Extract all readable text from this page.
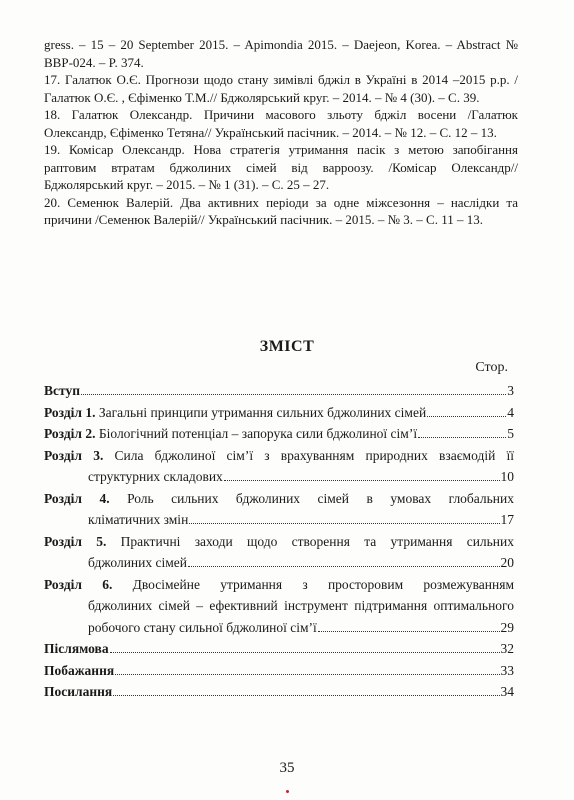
gress. – 15 – 20 September 2015. – Apimondia 2015. – Daejeon, Korea. – Abstract № BBP-024. – P. 374.

17. Галатюк О.Є. Прогнози щодо стану зимівлі бджіл в Україні в 2014 –2015 р.р. /Галатюк О.Є. , Єфіменко Т.М.// Бджолярський круг. – 2014. – № 4 (30). – С. 39.

18. Галатюк Олександр. Причини масового зльоту бджіл восени /Галатюк Олександр, Єфіменко Тетяна// Український пасічник. – 2014. – № 12. – С. 12 – 13.

19. Комісар Олександр. Нова стратегія утримання пасік з метою запобігання раптовим втратам бджолиних сімей від варроозу. /Комісар Олександр// Бджолярський круг. – 2015. – № 1 (31). – С. 25 – 27.

20. Семенюк Валерій. Два активних періоди за одне міжсезоння – наслідки та причини /Семенюк Валерій// Український пасічник. – 2015. – № 3. – С. 11 – 13.

ЗМІСТ
Стор.
Вступ	3
Розділ 1. Загальні принципи утримання сильних бджолиних сімей	4
Розділ 2. Біологічний потенціал – запорука сили бджолиної сім’ї	5
Розділ 3. Сила бджолиної сім’ї з врахуванням природних взаємодій її
структурних складових	10
Розділ 4. Роль сильних бджолиних сімей в умовах глобальних
кліматичних змін	17
Розділ 5. Практичні заходи щодо створення та утримання сильних
бджолиних сімей	20
Розділ 6. Двосімейне утримання з просторовим розмежуванням
бджолиних сімей – ефективний інструмент підтримання оптимального
робочого стану сильної бджолиної сім’ї	29
Післямова	32
Побажання	33
Посилання	34
35
